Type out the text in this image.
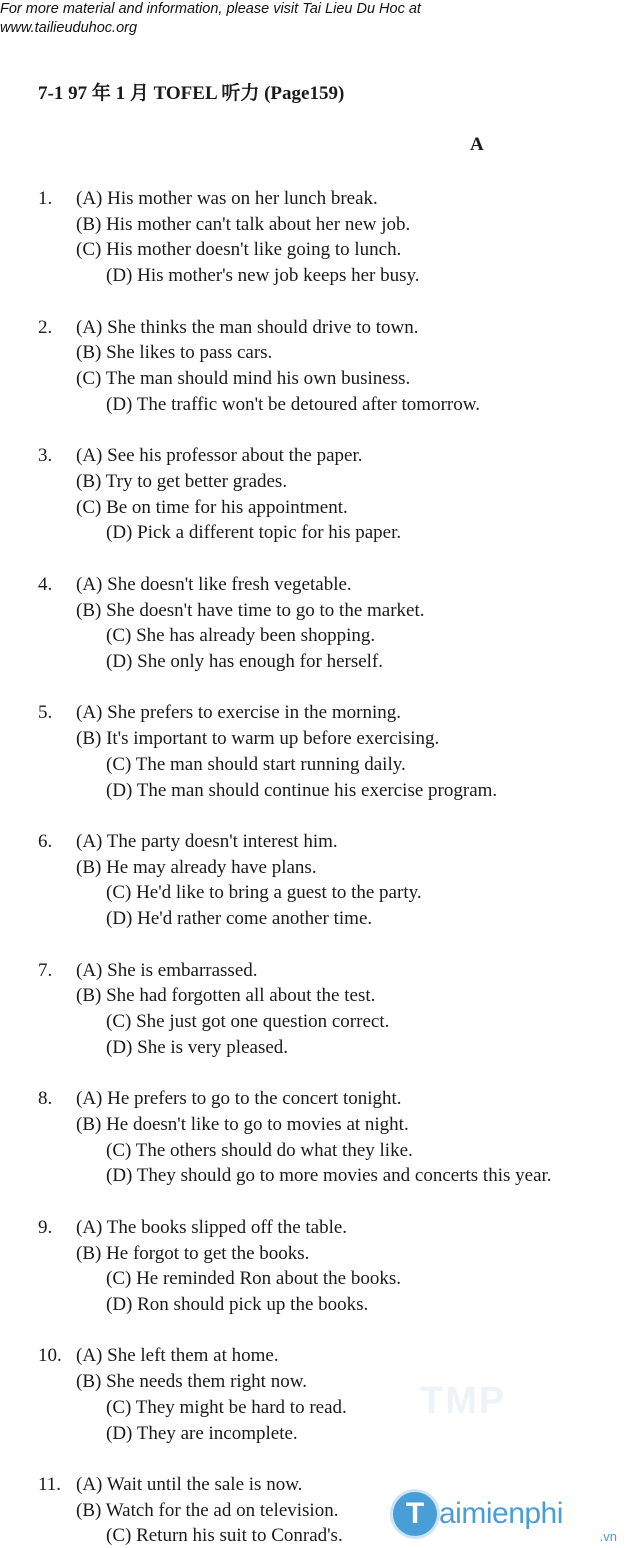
For more material and information, please visit Tai Lieu Du Hoc at
www.tailieuduhoc.org
7-1 97 年 1 月 TOFEL 听力 (Page159)
A
1. (A) His mother was on her lunch break.
(B) His mother can't talk about her new job.
(C) His mother doesn't like going to lunch.
(D) His mother's new job keeps her busy.
2. (A) She thinks the man should drive to town.
(B) She likes to pass cars.
(C) The man should mind his own business.
(D) The traffic won't be detoured after tomorrow.
3. (A) See his professor about the paper.
(B) Try to get better grades.
(C) Be on time for his appointment.
(D) Pick a different topic for his paper.
4. (A) She doesn't like fresh vegetable.
(B) She doesn't have time to go to the market.
(C) She has already been shopping.
(D) She only has enough for herself.
5. (A) She prefers to exercise in the morning.
(B) It's important to warm up before exercising.
(C) The man should start running daily.
(D) The man should continue his exercise program.
6. (A) The party doesn't interest him.
(B) He may already have plans.
(C) He'd like to bring a guest to the party.
(D) He'd rather come another time.
7. (A) She is embarrassed.
(B) She had forgotten all about the test.
(C) She just got one question correct.
(D) She is very pleased.
8. (A) He prefers to go to the concert tonight.
(B) He doesn't like to go to movies at night.
(C) The others should do what they like.
(D) They should go to more movies and concerts this year.
9. (A) The books slipped off the table.
(B) He forgot to get the books.
(C) He reminded Ron about the books.
(D) Ron should pick up the books.
10. (A) She left them at home.
(B) She needs them right now.
(C) They might be hard to read.
(D) They are incomplete.
11. (A) Wait until the sale is now.
(B) Watch for the ad on television.
(C) Return his suit to Conrad's.
TMP
T aimienphi
.vn
